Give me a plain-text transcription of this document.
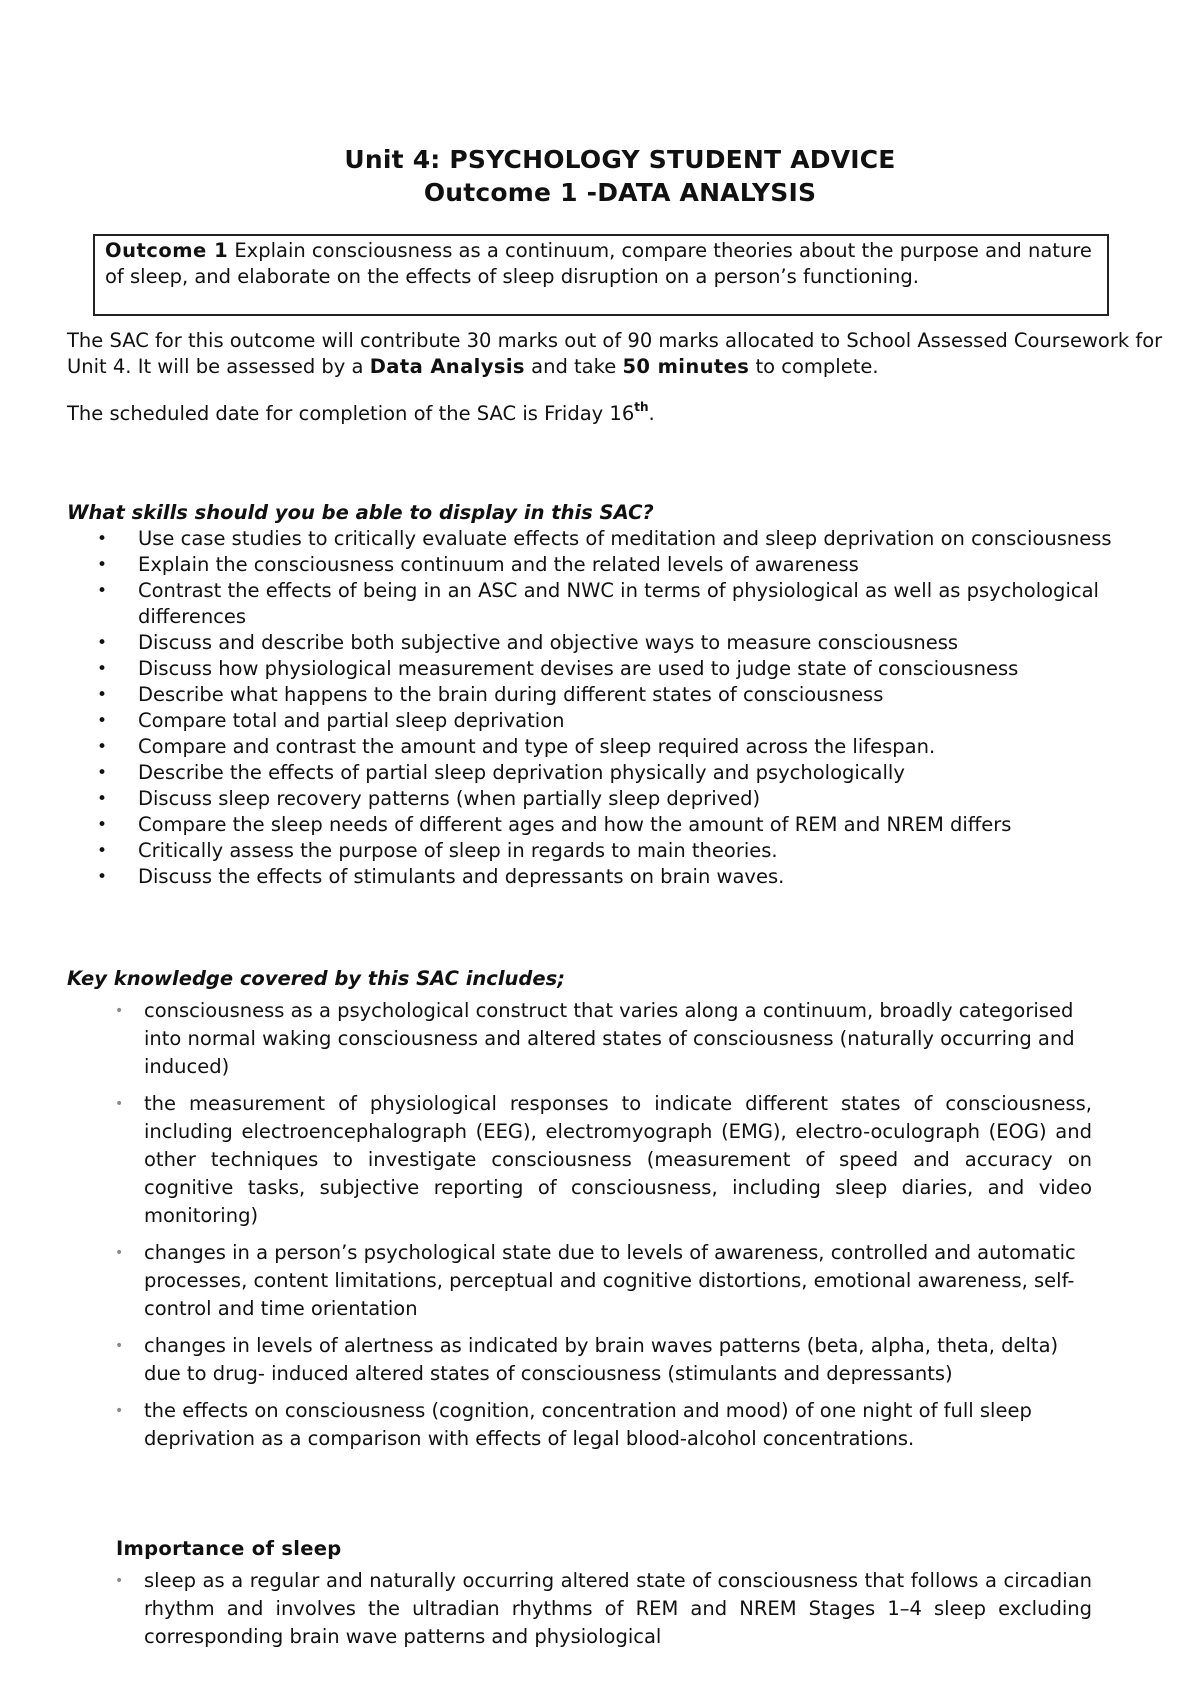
Unit 4: PSYCHOLOGY STUDENT ADVICE
Outcome 1 -DATA ANALYSIS
Outcome 1 Explain consciousness as a continuum, compare theories about the purpose and nature of sleep, and elaborate on the effects of sleep disruption on a person’s functioning.
The SAC for this outcome will contribute 30 marks out of 90 marks allocated to School Assessed Coursework for Unit 4. It will be assessed by a Data Analysis and take 50 minutes to complete.
The scheduled date for completion of the SAC is Friday 16th.
What skills should you be able to display in this SAC?
• Use case studies to critically evaluate effects of meditation and sleep deprivation on consciousness
• Explain the consciousness continuum and the related levels of awareness
• Contrast the effects of being in an ASC and NWC in terms of physiological as well as psychological differences
• Discuss and describe both subjective and objective ways to measure consciousness
• Discuss how physiological measurement devises are used to judge state of consciousness
• Describe what happens to the brain during different states of consciousness
• Compare total and partial sleep deprivation
• Compare and contrast the amount and type of sleep required across the lifespan.
• Describe the effects of partial sleep deprivation physically and psychologically
• Discuss sleep recovery patterns (when partially sleep deprived)
• Compare the sleep needs of different ages and how the amount of REM and NREM differs
• Critically assess the purpose of sleep in regards to main theories.
• Discuss the effects of stimulants and depressants on brain waves.
Key knowledge covered by this SAC includes;
• consciousness as a psychological construct that varies along a continuum, broadly categorised into normal waking consciousness and altered states of consciousness (naturally occurring and induced)
• the measurement of physiological responses to indicate different states of consciousness, including electroencephalograph (EEG), electromyograph (EMG), electro-oculograph (EOG) and other techniques to investigate consciousness (measurement of speed and accuracy on cognitive tasks, subjective reporting of consciousness, including sleep diaries, and video monitoring)
• changes in a person’s psychological state due to levels of awareness, controlled and automatic processes, content limitations, perceptual and cognitive distortions, emotional awareness, self-control and time orientation
• changes in levels of alertness as indicated by brain waves patterns (beta, alpha, theta, delta) due to drug- induced altered states of consciousness (stimulants and depressants)
• the effects on consciousness (cognition, concentration and mood) of one night of full sleep deprivation as a comparison with effects of legal blood-alcohol concentrations.
Importance of sleep
• sleep as a regular and naturally occurring altered state of consciousness that follows a circadian rhythm and involves the ultradian rhythms of REM and NREM Stages 1–4 sleep excluding corresponding brain wave patterns and physiological
